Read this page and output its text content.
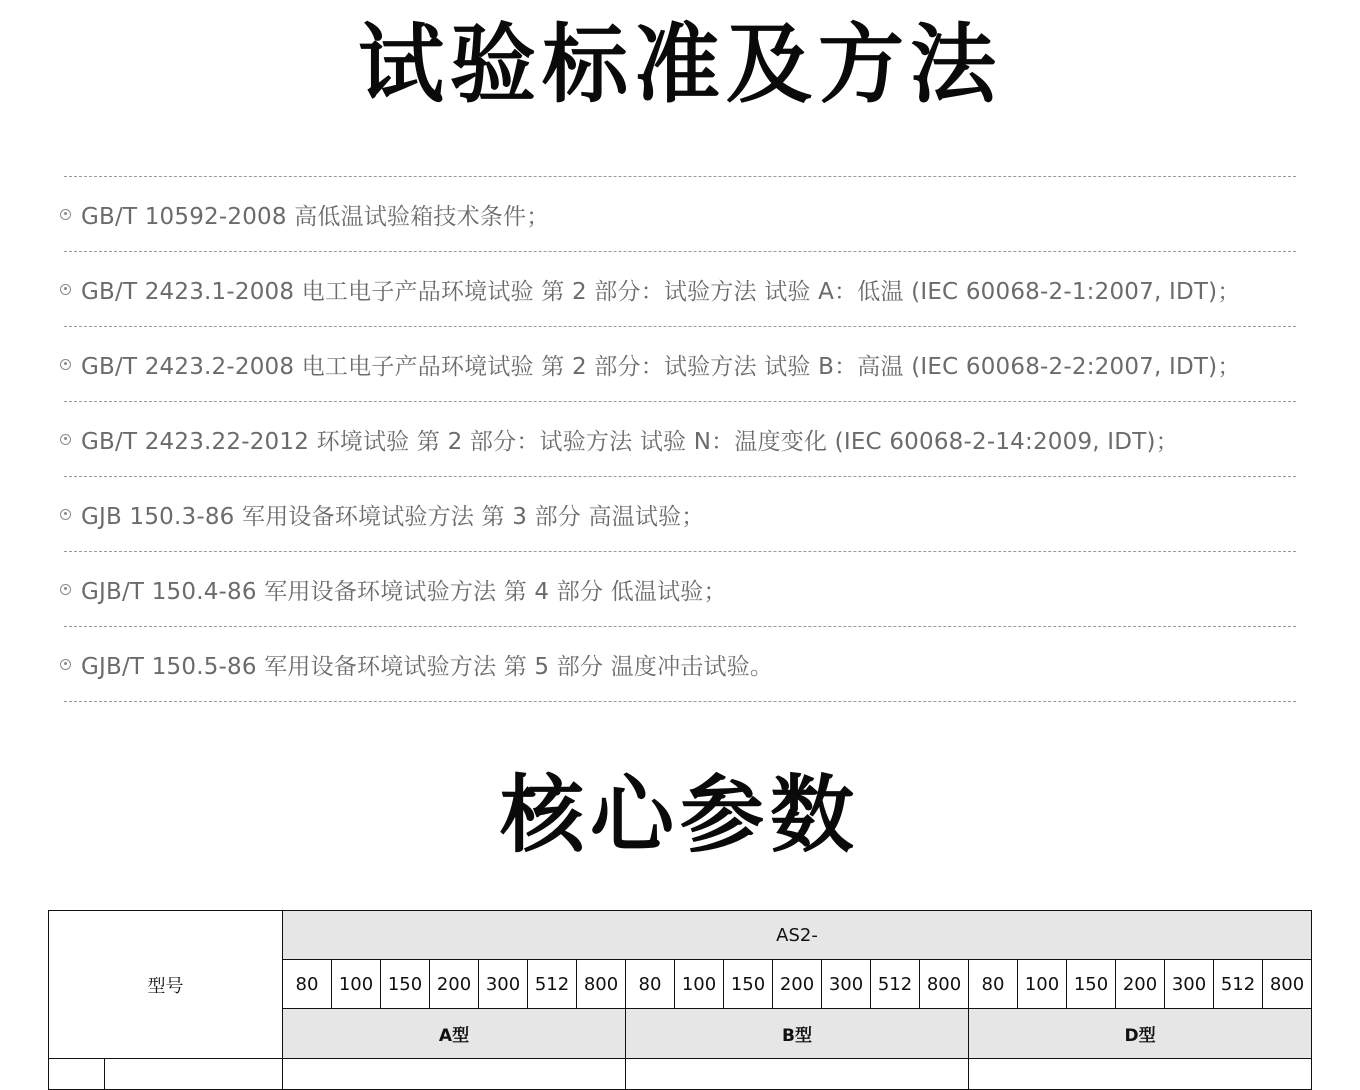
试验标准及方法
GB/T 10592-2008 高低温试验箱技术条件；
GB/T 2423.1-2008 电工电子产品环境试验 第 2 部分：试验方法 试验 A：低温 (IEC 60068-2-1:2007, IDT)；
GB/T 2423.2-2008 电工电子产品环境试验 第 2 部分：试验方法 试验 B：高温 (IEC 60068-2-2:2007, IDT)；
GB/T 2423.22-2012 环境试验 第 2 部分：试验方法 试验 N：温度变化 (IEC 60068-2-14:2009, IDT)；
GJB 150.3-86 军用设备环境试验方法 第 3 部分 高温试验；
GJB/T 150.4-86 军用设备环境试验方法 第 4 部分 低温试验；
GJB/T 150.5-86 军用设备环境试验方法 第 5 部分 温度冲击试验。
核心参数
型号		AS2-																				
		80	100	150	200	300	512	800	80	100	150	200	300	512	800	80	100	150	200	300	512	800
		A型							B型							D型						
